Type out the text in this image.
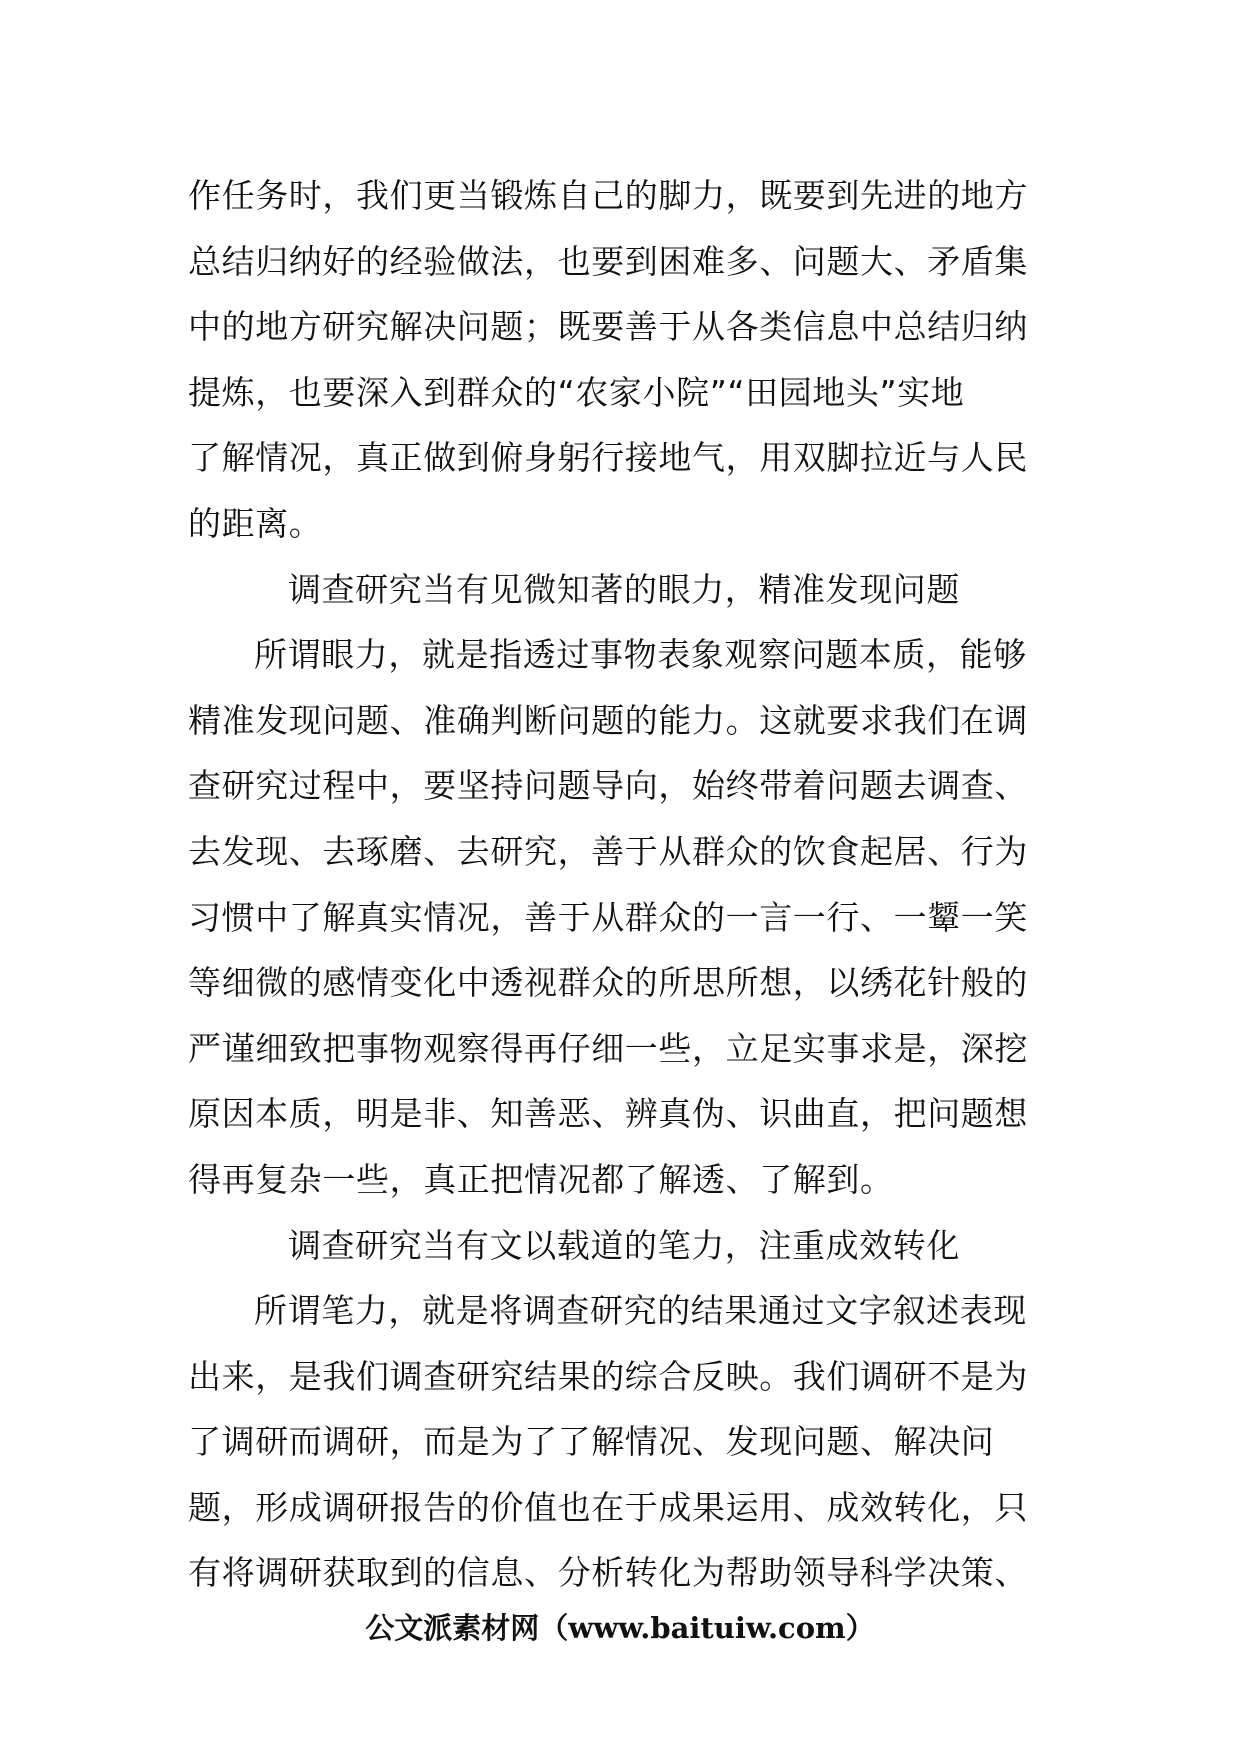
作任务时，我们更当锻炼自己的脚力，既要到先进的地方
总结归纳好的经验做法，也要到困难多、问题大、矛盾集
中的地方研究解决问题；既要善于从各类信息中总结归纳
提炼，也要深入到群众的“农家小院”“田园地头”实地
了解情况，真正做到俯身躬行接地气，用双脚拉近与人民
的距离。
调查研究当有见微知著的眼力，精准发现问题
所谓眼力，就是指透过事物表象观察问题本质，能够
精准发现问题、准确判断问题的能力。这就要求我们在调
查研究过程中，要坚持问题导向，始终带着问题去调查、
去发现、去琢磨、去研究，善于从群众的饮食起居、行为
习惯中了解真实情况，善于从群众的一言一行、一颦一笑
等细微的感情变化中透视群众的所思所想，以绣花针般的
严谨细致把事物观察得再仔细一些，立足实事求是，深挖
原因本质，明是非、知善恶、辨真伪、识曲直，把问题想
得再复杂一些，真正把情况都了解透、了解到。
调查研究当有文以载道的笔力，注重成效转化
所谓笔力，就是将调查研究的结果通过文字叙述表现
出来，是我们调查研究结果的综合反映。我们调研不是为
了调研而调研，而是为了了解情况、发现问题、解决问
题，形成调研报告的价值也在于成果运用、成效转化，只
有将调研获取到的信息、分析转化为帮助领导科学决策、
公文派素材网（www.baituiw.com）
